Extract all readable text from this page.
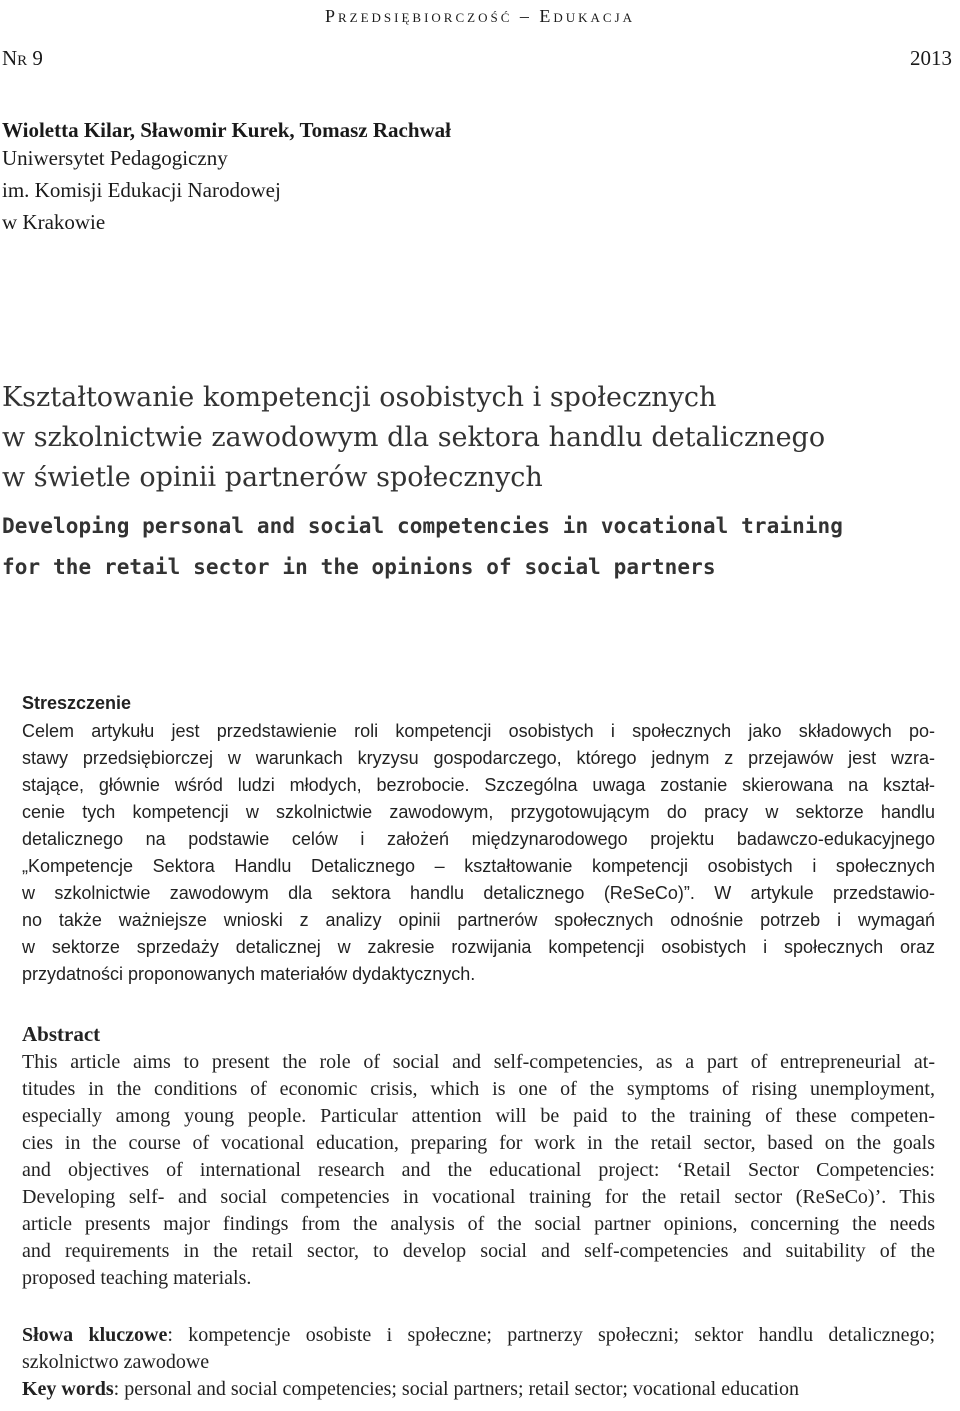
Przedsiębiorczość – Edukacja
Nr 9	2013
Wioletta Kilar, Sławomir Kurek, Tomasz Rachwał
Uniwersytet Pedagogiczny
im. Komisji Edukacji Narodowej
w Krakowie
Kształtowanie kompetencji osobistych i społecznych
w szkolnictwie zawodowym dla sektora handlu detalicznego
w świetle opinii partnerów społecznych
Developing personal and social competencies in vocational training
for the retail sector in the opinions of social partners
Streszczenie
Celem artykułu jest przedstawienie roli kompetencji osobistych i społecznych jako składowych po-
stawy przedsiębiorczej w warunkach kryzysu gospodarczego, którego jednym z przejawów jest wzra-
stające, głównie wśród ludzi młodych, bezrobocie. Szczególna uwaga zostanie skierowana na kształ-
cenie tych kompetencji w szkolnictwie zawodowym, przygotowującym do pracy w sektorze handlu
detalicznego na podstawie celów i założeń międzynarodowego projektu badawczo-edukacyjnego
„Kompetencje Sektora Handlu Detalicznego – kształtowanie kompetencji osobistych i społecznych
w szkolnictwie zawodowym dla sektora handlu detalicznego (ReSeCo)”. W artykule przedstawio-
no także ważniejsze wnioski z analizy opinii partnerów społecznych odnośnie potrzeb i wymagań
w sektorze sprzedaży detalicznej w zakresie rozwijania kompetencji osobistych i społecznych oraz
przydatności proponowanych materiałów dydaktycznych.
Abstract
This article aims to present the role of social and self-competencies, as a part of entrepreneurial at-
titudes in the conditions of economic crisis, which is one of the symptoms of rising unemployment,
especially among young people. Particular attention will be paid to the training of these competen-
cies in the course of vocational education, preparing for work in the retail sector, based on the goals
and objectives of international research and the educational project: ‘Retail Sector Competencies:
Developing self- and social competencies in vocational training for the retail sector (ReSeCo)’. This
article presents major findings from the analysis of the social partner opinions, concerning the needs
and requirements in the retail sector, to develop social and self-competencies and suitability of the
proposed teaching materials.
Słowa kluczowe: kompetencje osobiste i społeczne; partnerzy społeczni; sektor handlu detalicznego;
szkolnictwo zawodowe
Key words: personal and social competencies; social partners; retail sector; vocational education
